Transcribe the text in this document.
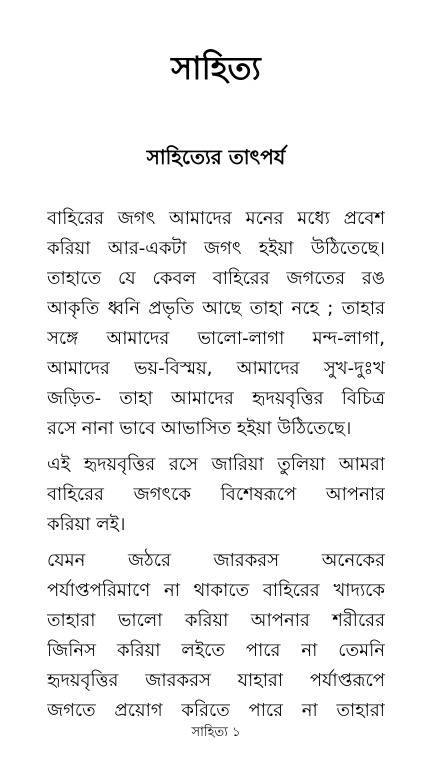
সাহিত্য
সাহিত্যের তাৎপর্য
বাহিরের জগৎ আমাদের মনের মধ্যে প্রবেশ
করিয়া আর-একটা জগৎ হইয়া উঠিতেছে।
তাহাতে যে কেবল বাহিরের জগতের রঙ
আকৃতি ধ্বনি প্রভৃতি আছে তাহা নহে ; তাহার
সঙ্গে আমাদের ভালো-লাগা মন্দ-লাগা,
আমাদের ভয়-বিস্ময়, আমাদের সুখ-দুঃখ
জড়িত- তাহা আমাদের হৃদয়বৃত্তির বিচিত্র
রসে নানা ভাবে আভাসিত হইয়া উঠিতেছে।
এই হৃদয়বৃত্তির রসে জারিয়া তুলিয়া আমরা
বাহিরের জগৎকে বিশেষরূপে আপনার
করিয়া লই।
যেমন জঠরে জারকরস অনেকের
পর্যাপ্তপরিমাণে না থাকাতে বাহিরের খাদ্যকে
তাহারা ভালো করিয়া আপনার শরীরের
জিনিস করিয়া লইতে পারে না তেমনি
হৃদয়বৃত্তির জারকরস যাহারা পর্যাপ্তরূপে
জগতে প্রয়োগ করিতে পারে না তাহারা
সাহিত্য ১
